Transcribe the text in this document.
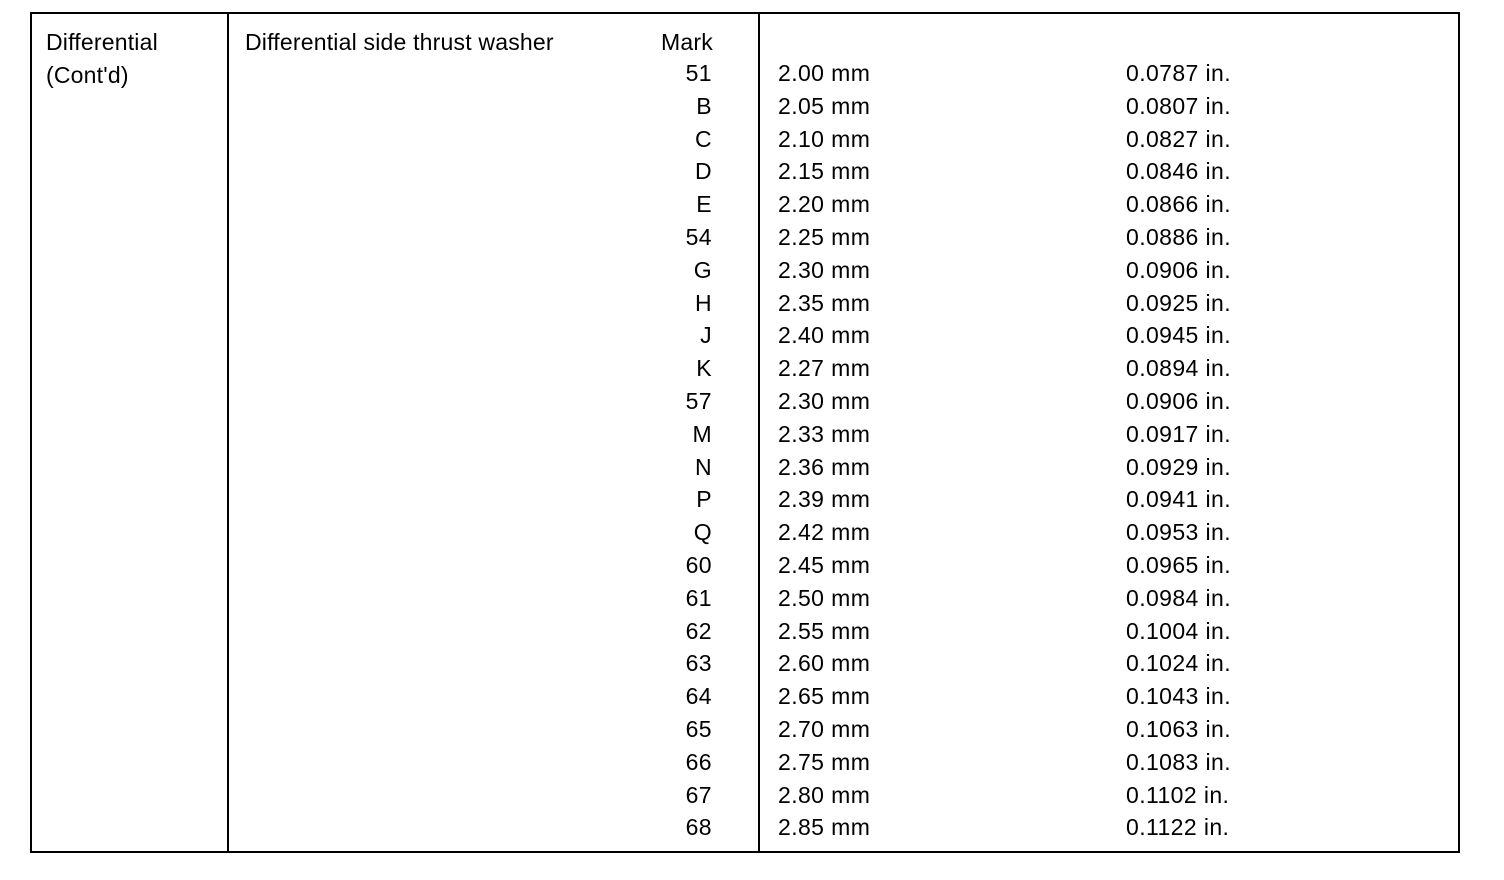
Differential
(Cont'd)
Differential side thrust washer	Mark
51	2.00 mm	0.0787 in.
B	2.05 mm	0.0807 in.
C	2.10 mm	0.0827 in.
D	2.15 mm	0.0846 in.
E	2.20 mm	0.0866 in.
54	2.25 mm	0.0886 in.
G	2.30 mm	0.0906 in.
H	2.35 mm	0.0925 in.
J	2.40 mm	0.0945 in.
K	2.27 mm	0.0894 in.
57	2.30 mm	0.0906 in.
M	2.33 mm	0.0917 in.
N	2.36 mm	0.0929 in.
P	2.39 mm	0.0941 in.
Q	2.42 mm	0.0953 in.
60	2.45 mm	0.0965 in.
61	2.50 mm	0.0984 in.
62	2.55 mm	0.1004 in.
63	2.60 mm	0.1024 in.
64	2.65 mm	0.1043 in.
65	2.70 mm	0.1063 in.
66	2.75 mm	0.1083 in.
67	2.80 mm	0.1102 in.
68	2.85 mm	0.1122 in.
